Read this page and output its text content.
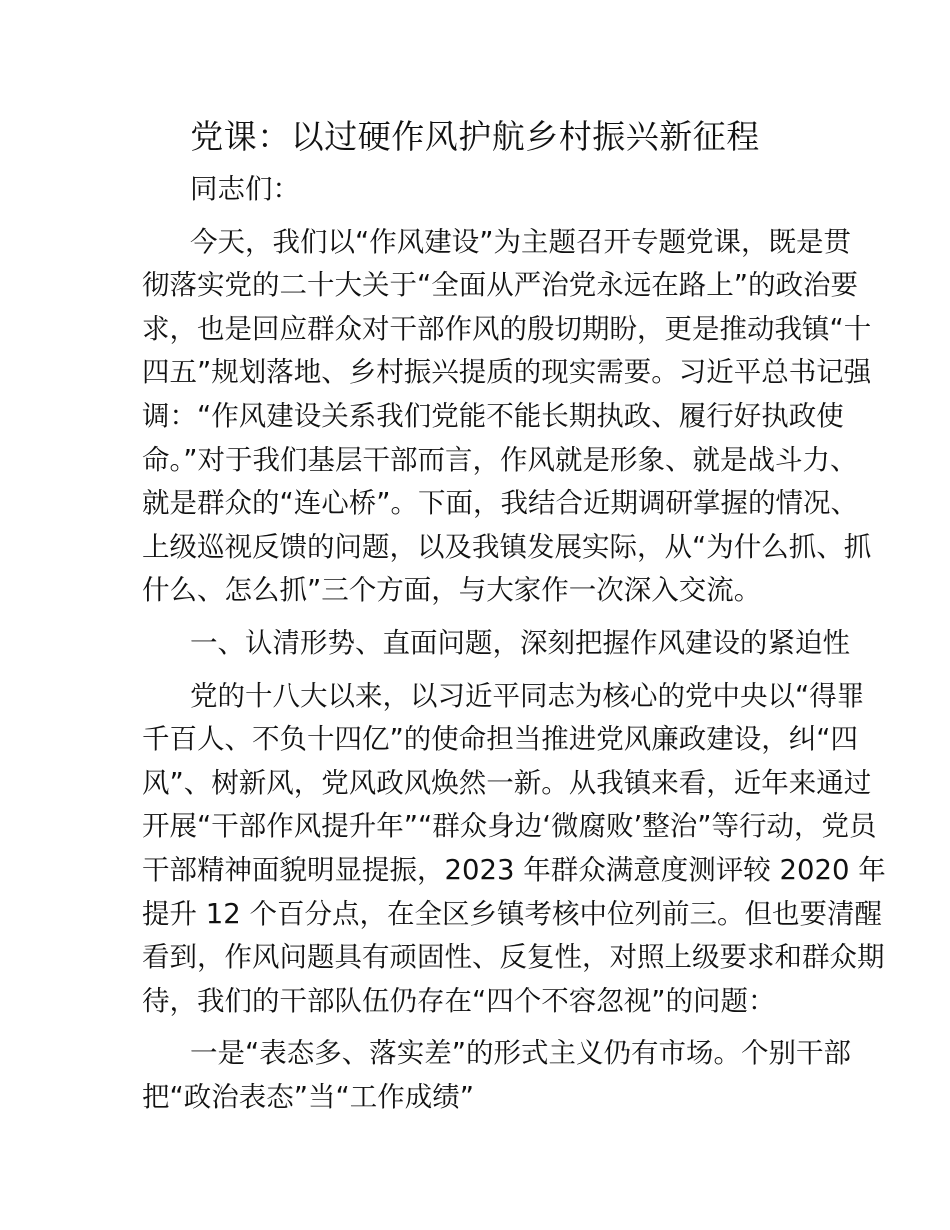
党课：以过硬作风护航乡村振兴新征程
同志们：
今天，我们以“作风建设”为主题召开专题党课，既是贯
彻落实党的二十大关于“全面从严治党永远在路上”的政治要
求，也是回应群众对干部作风的殷切期盼，更是推动我镇“十
四五”规划落地、乡村振兴提质的现实需要。习近平总书记强
调：“作风建设关系我们党能不能长期执政、履行好执政使
命。”对于我们基层干部而言，作风就是形象、就是战斗力、
就是群众的“连心桥”。下面，我结合近期调研掌握的情况、
上级巡视反馈的问题，以及我镇发展实际，从“为什么抓、抓
什么、怎么抓”三个方面，与大家作一次深入交流。
一、认清形势、直面问题，深刻把握作风建设的紧迫性
党的十八大以来，以习近平同志为核心的党中央以“得罪
千百人、不负十四亿”的使命担当推进党风廉政建设，纠“四
风”、树新风，党风政风焕然一新。从我镇来看，近年来通过
开展“干部作风提升年”“群众身边‘微腐败’整治”等行动，党员
干部精神面貌明显提振，2023 年群众满意度测评较 2020 年
提升 12 个百分点，在全区乡镇考核中位列前三。但也要清醒
看到，作风问题具有顽固性、反复性，对照上级要求和群众期
待，我们的干部队伍仍存在“四个不容忽视”的问题：
一是“表态多、落实差”的形式主义仍有市场。个别干部
把“政治表态”当“工作成绩”
